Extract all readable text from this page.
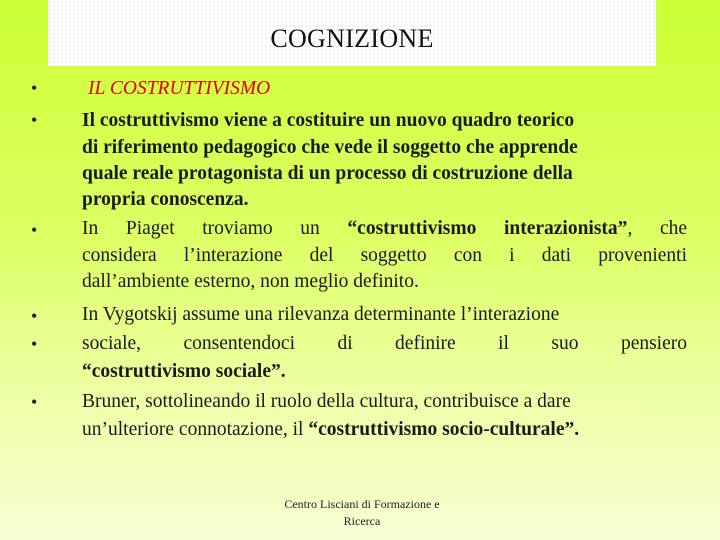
COGNIZIONE
•
•
•
•
•
•
IL COSTRUTTIVISMO
Il costruttivismo viene a costituire un nuovo quadro teorico
di riferimento pedagogico che vede il soggetto che apprende
quale reale protagonista di un processo di costruzione della
propria conoscenza.
In Piaget troviamo un “costruttivismo interazionista”, che
considera l’interazione del soggetto con i dati provenienti
dall’ambiente esterno, non meglio definito.
In Vygotskij assume una rilevanza determinante l’interazione
sociale, consentendoci di definire il suo pensiero
“costruttivismo sociale”.
Bruner, sottolineando il ruolo della cultura, contribuisce a dare
un’ulteriore connotazione, il “costruttivismo socio-culturale”.
Centro Lisciani di Formazione e
Ricerca
